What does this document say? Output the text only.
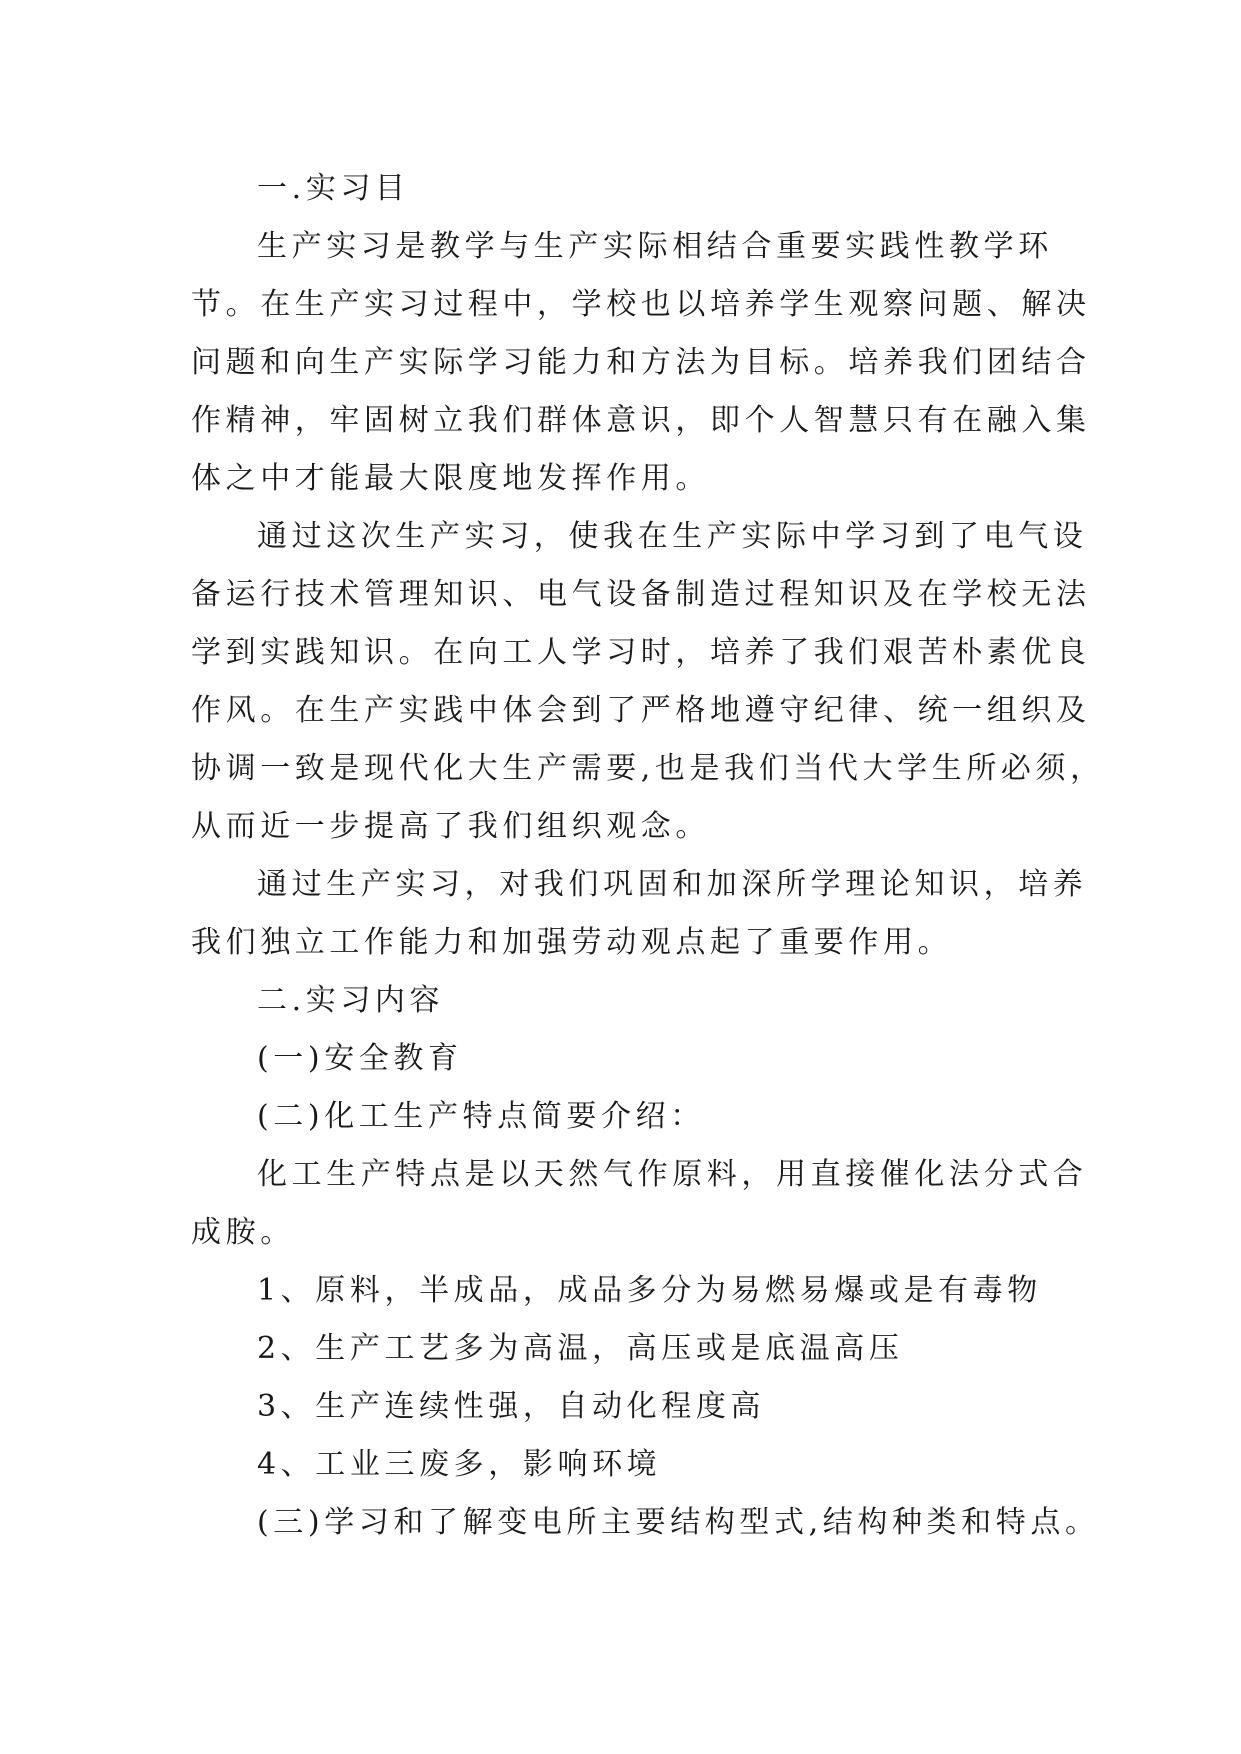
一.实习目
生产实习是教学与生产实际相结合重要实践性教学环
节。在生产实习过程中，学校也以培养学生观察问题、解决
问题和向生产实际学习能力和方法为目标。培养我们团结合
作精神，牢固树立我们群体意识，即个人智慧只有在融入集
体之中才能最大限度地发挥作用。
通过这次生产实习，使我在生产实际中学习到了电气设
备运行技术管理知识、电气设备制造过程知识及在学校无法
学到实践知识。在向工人学习时，培养了我们艰苦朴素优良
作风。在生产实践中体会到了严格地遵守纪律、统一组织及
协调一致是现代化大生产需要,也是我们当代大学生所必须，
从而近一步提高了我们组织观念。
通过生产实习，对我们巩固和加深所学理论知识，培养
我们独立工作能力和加强劳动观点起了重要作用。
二.实习内容
(一)安全教育
(二)化工生产特点简要介绍：
化工生产特点是以天然气作原料，用直接催化法分式合
成胺。
1、原料，半成品，成品多分为易燃易爆或是有毒物
2、生产工艺多为高温，高压或是底温高压
3、生产连续性强，自动化程度高
4、工业三废多，影响环境
(三)学习和了解变电所主要结构型式,结构种类和特点。
